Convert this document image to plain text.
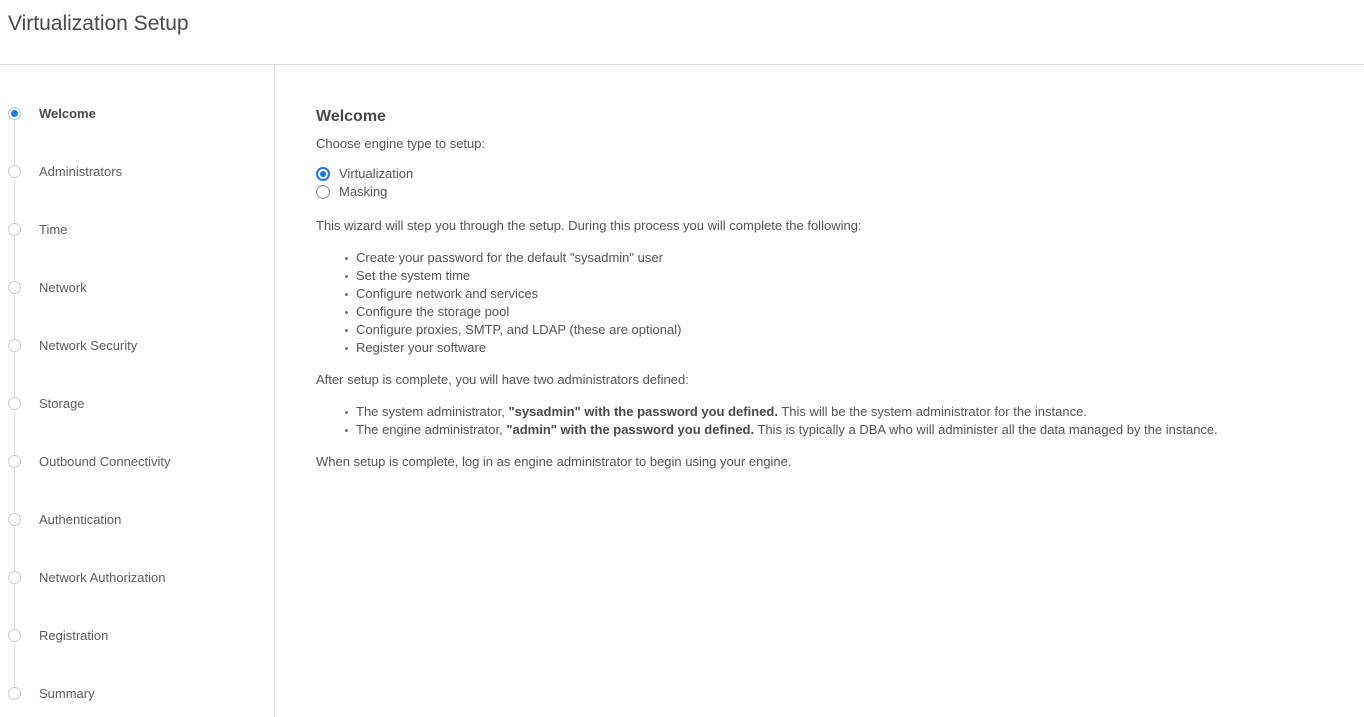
Virtualization Setup
Welcome
Administrators
Time
Network
Network Security
Storage
Outbound Connectivity
Authentication
Network Authorization
Registration
Summary
Welcome

Choose engine type to setup:

Virtualization
Masking

This wizard will step you through the setup. During this process you will complete the following:

Create your password for the default "sysadmin" user
Set the system time
Configure network and services
Configure the storage pool
Configure proxies, SMTP, and LDAP (these are optional)
Register your software

After setup is complete, you will have two administrators defined:

The system administrator, "sysadmin" with the password you defined. This will be the system administrator for the instance.
The engine administrator, "admin" with the password you defined. This is typically a DBA who will administer all the data managed by the instance.

When setup is complete, log in as engine administrator to begin using your engine.
